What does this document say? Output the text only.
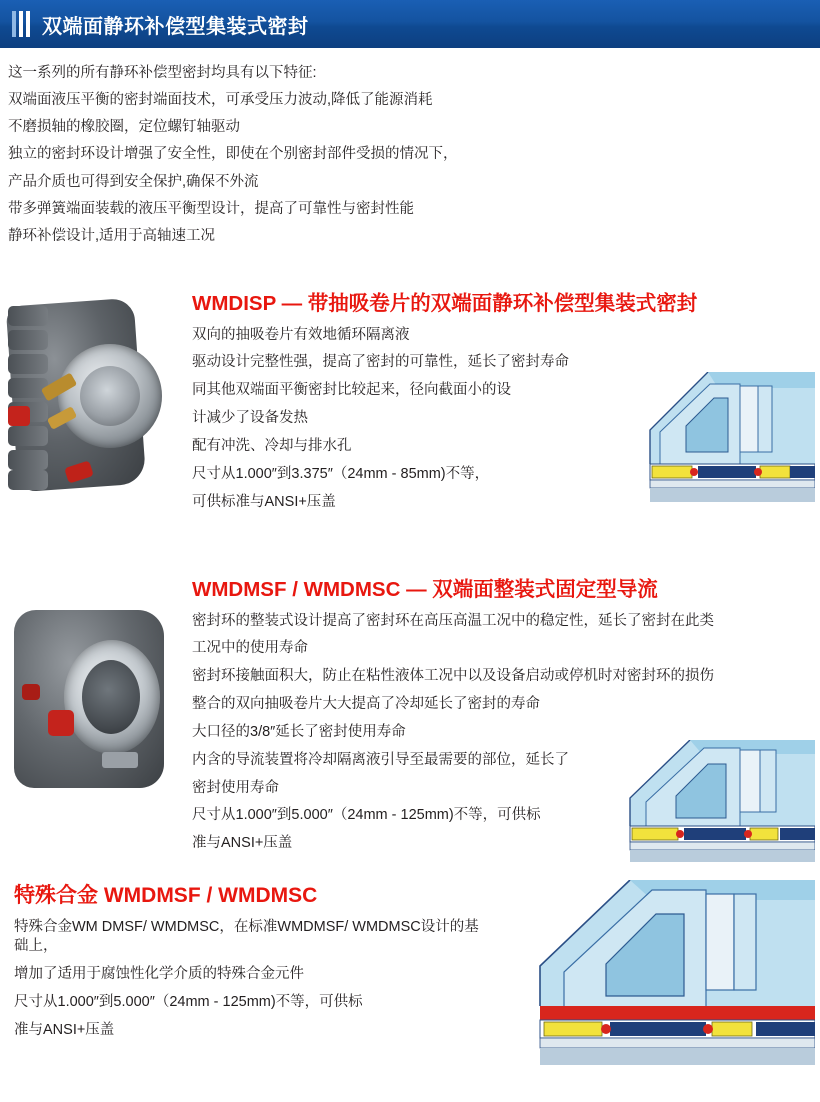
双端面静环补偿型集装式密封

这一系列的所有静环补偿型密封均具有以下特征:

双端面液压平衡的密封端面技术，可承受压力波动,降低了能源消耗

不磨损轴的橡胶圈，定位螺钉轴驱动

独立的密封环设计增强了安全性，即使在个别密封部件受损的情况下，

产品介质也可得到安全保护,确保不外流

带多弹簧端面装载的液压平衡型设计，提高了可靠性与密封性能

静环补偿设计,适用于高轴速工况

WMDISP — 带抽吸卷片的双端面静环补偿型集装式密封

双向的抽吸卷片有效地循环隔离液

驱动设计完整性强，提高了密封的可靠性，延长了密封寿命

同其他双端面平衡密封比较起来，径向截面小的设

计减少了设备发热

配有冲洗、冷却与排水孔

尺寸从1.000″到3.375″（24mm - 85mm)不等，

可供标准与ANSI+压盖

WMDMSF / WMDMSC — 双端面整装式固定型导流

密封环的整装式设计提高了密封环在高压高温工况中的稳定性，延长了密封在此类

工况中的使用寿命

密封环接触面积大，防止在粘性液体工况中以及设备启动或停机时对密封环的损伤

整合的双向抽吸卷片大大提高了冷却延长了密封的寿命

大口径的3/8″延长了密封使用寿命

内含的导流装置将冷却隔离液引导至最需要的部位，延长了

密封使用寿命

尺寸从1.000″到5.000″（24mm - 125mm)不等，可供标

准与ANSI+压盖

特殊合金 WMDMSF / WMDMSC

特殊合金WM DMSF/ WMDMSC，在标准WMDMSF/ WMDMSC设计的基础上，

增加了适用于腐蚀性化学介质的特殊合金元件

尺寸从1.000″到5.000″（24mm - 125mm)不等，可供标

准与ANSI+压盖
